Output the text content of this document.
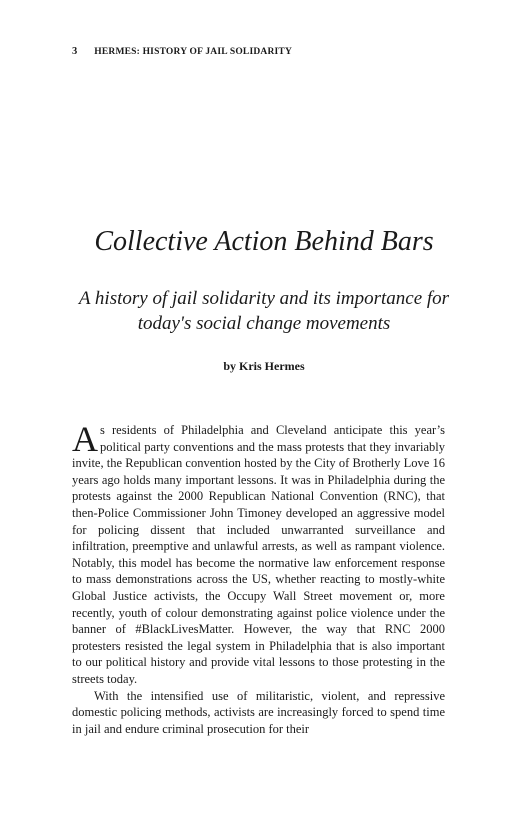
3 HERMES: HISTORY OF JAIL SOLIDARITY
Collective Action Behind Bars
A history of jail solidarity and its importance for today's social change movements
by Kris Hermes

As residents of Philadelphia and Cleveland anticipate this year’s political party conventions and the mass protests that they invariably invite, the Republican convention hosted by the City of Brotherly Love 16 years ago holds many important lessons. It was in Philadelphia during the protests against the 2000 Republican National Convention (RNC), that then-Police Commissioner John Timoney developed an aggressive model for policing dissent that included unwarranted surveillance and infiltration, preemptive and unlawful arrests, as well as rampant violence. Notably, this model has become the normative law enforcement response to mass demonstrations across the US, whether reacting to mostly-white Global Justice activists, the Occupy Wall Street movement or, more recently, youth of colour demonstrating against police violence under the banner of #BlackLivesMatter. However, the way that RNC 2000 protesters resisted the legal system in Philadelphia that is also important to our political history and provide vital lessons to those protesting in the streets today.

With the intensified use of militaristic, violent, and repressive domestic policing methods, activists are increasingly forced to spend time in jail and endure criminal prosecution for their
